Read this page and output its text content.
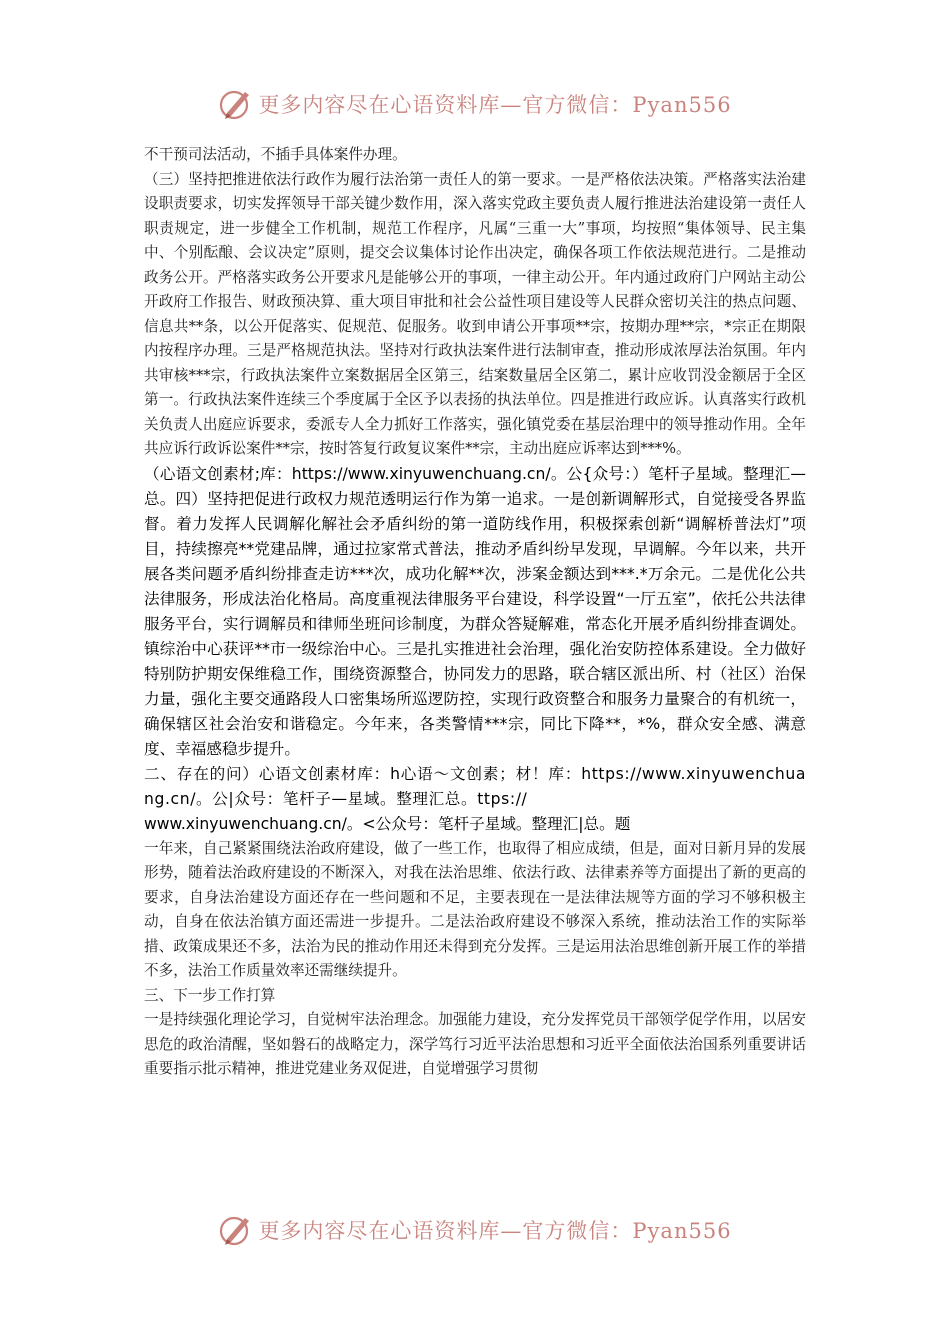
更多内容尽在心语资料库—官方微信：Pyan556

不干预司法活动，不插手具体案件办理。

（三）坚持把推进依法行政作为履行法治第一责任人的第一要求。一是严格依法决策。严格落实法治建设职责要求，切实发挥领导干部关键少数作用，深入落实党政主要负责人履行推进法治建设第一责任人职责规定，进一步健全工作机制，规范工作程序，凡属“三重一大”事项，均按照“集体领导、民主集中、个别酝酿、会议决定”原则，提交会议集体讨论作出决定，确保各项工作依法规范进行。二是推动政务公开。严格落实政务公开要求凡是能够公开的事项，一律主动公开。年内通过政府门户网站主动公开政府工作报告、财政预决算、重大项目审批和社会公益性项目建设等人民群众密切关注的热点问题、信息共**条，以公开促落实、促规范、促服务。收到申请公开事项**宗，按期办理**宗，*宗正在期限内按程序办理。三是严格规范执法。坚持对行政执法案件进行法制审查，推动形成浓厚法治氛围。年内共审核***宗，行政执法案件立案数据居全区第三，结案数量居全区第二，累计应收罚没金额居于全区第一。行政执法案件连续三个季度属于全区予以表扬的执法单位。四是推进行政应诉。认真落实行政机关负责人出庭应诉要求，委派专人全力抓好工作落实，强化镇党委在基层治理中的领导推动作用。全年共应诉行政诉讼案件**宗，按时答复行政复议案件**宗，主动出庭应诉率达到***%。

（心语文创素材;库：https://www.xinyuwenchuang.cn/。公{众号：）笔杆子星域。整理汇—总。四）坚持把促进行政权力规范透明运行作为第一追求。一是创新调解形式，自觉接受各界监督。着力发挥人民调解化解社会矛盾纠纷的第一道防线作用，积极探索创新“调解桥普法灯”项目，持续擦亮**党建品牌，通过拉家常式普法，推动矛盾纠纷早发现，早调解。今年以来，共开展各类问题矛盾纠纷排查走访***次，成功化解**次，涉案金额达到***.*万余元。二是优化公共法律服务，形成法治化格局。高度重视法律服务平台建设，科学设置“一厅五室”，依托公共法律服务平台，实行调解员和律师坐班问诊制度，为群众答疑解难，常态化开展矛盾纠纷排查调处。镇综治中心获评**市一级综治中心。三是扎实推进社会治理，强化治安防控体系建设。全力做好特别防护期安保维稳工作，围绕资源整合，协同发力的思路，联合辖区派出所、村（社区）治保力量，强化主要交通路段人口密集场所巡逻防控，实现行政资整合和服务力量聚合的有机统一，确保辖区社会治安和谐稳定。今年来，各类警情***宗，同比下降**，*%，群众安全感、满意度、幸福感稳步提升。

二、存在的问）心语文创素材库：h心语～文创素；材！库：https://www.xinyuwenchuang.cn/。公|众号：笔杆子—星域。整理汇总。ttps://

www.xinyuwenchuang.cn/。<公众号：笔杆子星域。整理汇|总。题

一年来，自己紧紧围绕法治政府建设，做了一些工作，也取得了相应成绩，但是，面对日新月异的发展形势，随着法治政府建设的不断深入，对我在法治思维、依法行政、法律素养等方面提出了新的更高的要求，自身法治建设方面还存在一些问题和不足，主要表现在一是法律法规等方面的学习不够积极主动，自身在依法治镇方面还需进一步提升。二是法治政府建设不够深入系统，推动法治工作的实际举措、政策成果还不多，法治为民的推动作用还未得到充分发挥。三是运用法治思维创新开展工作的举措不多，法治工作质量效率还需继续提升。

三、下一步工作打算

一是持续强化理论学习，自觉树牢法治理念。加强能力建设，充分发挥党员干部领学促学作用，以居安思危的政治清醒，坚如磐石的战略定力，深学笃行习近平法治思想和习近平全面依法治国系列重要讲话重要指示批示精神，推进党建业务双促进，自觉增强学习贯彻

更多内容尽在心语资料库—官方微信：Pyan556
